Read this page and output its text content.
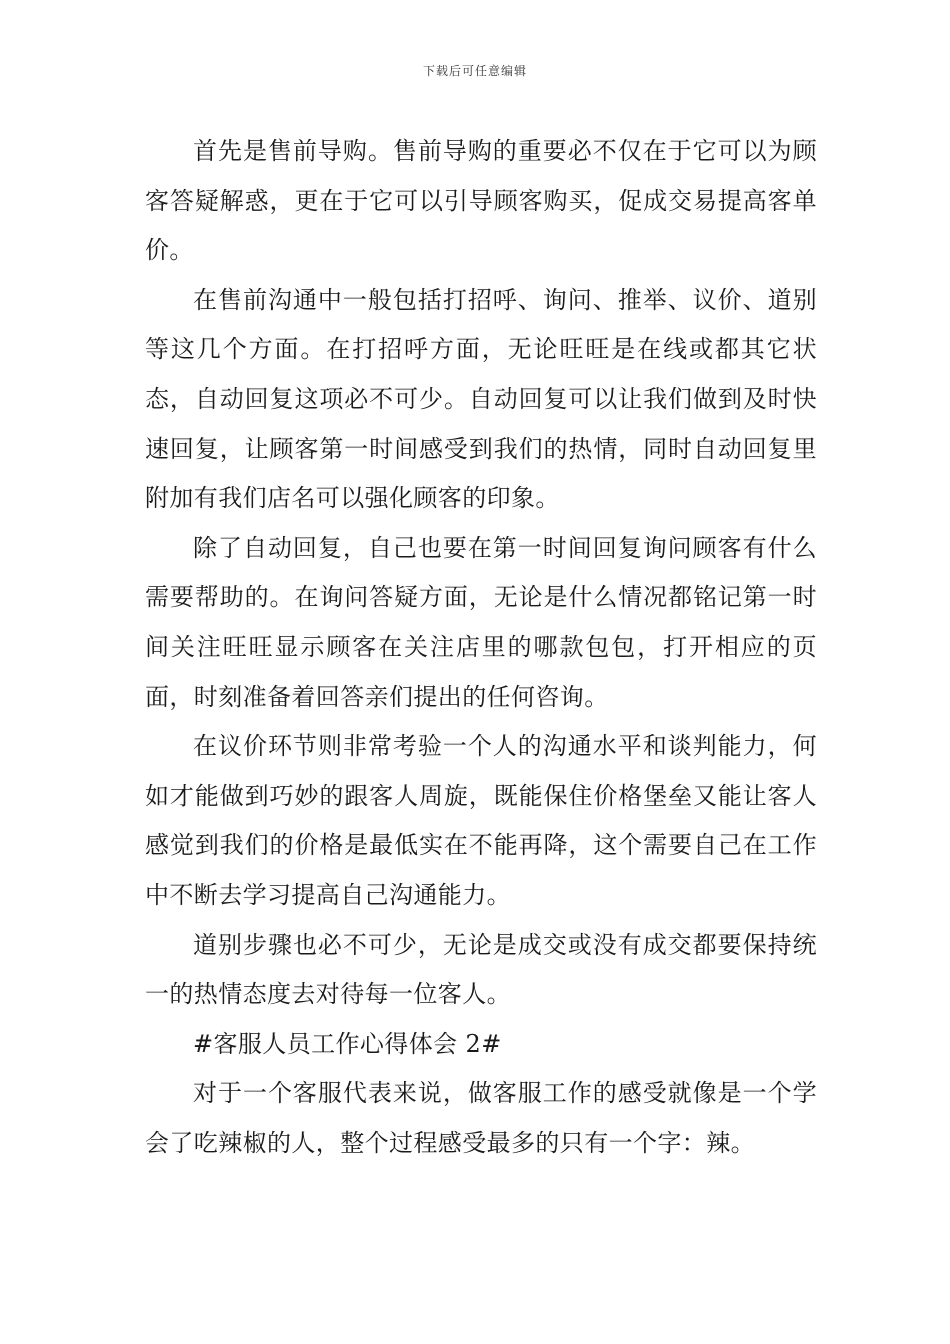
下载后可任意编辑

首先是售前导购。售前导购的重要必不仅在于它可以为顾客答疑解惑，更在于它可以引导顾客购买，促成交易提高客单价。

在售前沟通中一般包括打招呼、询问、推举、议价、道别等这几个方面。在打招呼方面，无论旺旺是在线或都其它状态，自动回复这项必不可少。自动回复可以让我们做到及时快速回复，让顾客第一时间感受到我们的热情，同时自动回复里附加有我们店名可以强化顾客的印象。

除了自动回复，自己也要在第一时间回复询问顾客有什么需要帮助的。在询问答疑方面，无论是什么情况都铭记第一时间关注旺旺显示顾客在关注店里的哪款包包，打开相应的页面，时刻准备着回答亲们提出的任何咨询。

在议价环节则非常考验一个人的沟通水平和谈判能力，何如才能做到巧妙的跟客人周旋，既能保住价格堡垒又能让客人感觉到我们的价格是最低实在不能再降，这个需要自己在工作中不断去学习提高自己沟通能力。

道别步骤也必不可少，无论是成交或没有成交都要保持统一的热情态度去对待每一位客人。

#客服人员工作心得体会 2#

对于一个客服代表来说，做客服工作的感受就像是一个学会了吃辣椒的人，整个过程感受最多的只有一个字：辣。
